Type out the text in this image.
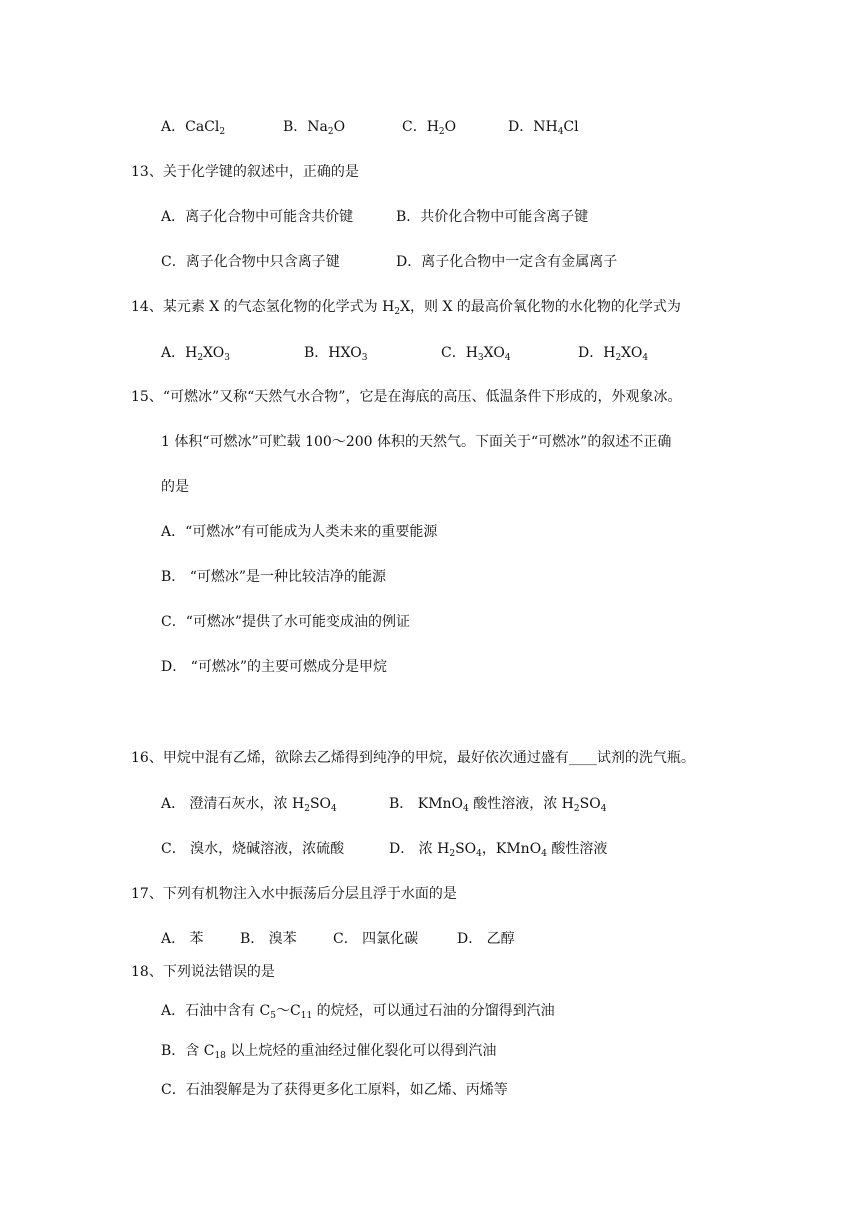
A．CaCl$_2$	B．$Na_2O$	C．$H_2O$	D．$NH_4Cl$
13、关于化学键的叙述中，正确的是
A．离子化合物中可能含共价键	B．共价化合物中可能含离子键
C．离子化合物中只含离子键	D．离子化合物中一定含有金属离子
14、某元素 X 的气态氢化物的化学式为 $H_2X$，则 X 的最高价氧化物的水化物的化学式为
A．$H_2XO_3$	B．$HXO_3$	C．$H_3XO_4$	D．$H_2XO_4$
15、“可燃冰”又称“天然气水合物”，它是在海底的高压、低温条件下形成的，外观象冰。
1 体积“可燃冰”可贮载 100～200 体积的天然气。下面关于“可燃冰”的叙述不正确
的是
A．“可燃冰”有可能成为人类未来的重要能源
B． “可燃冰”是一种比较洁净的能源
C．“可燃冰”提供了水可能变成油的例证
D． “可燃冰”的主要可燃成分是甲烷
16、甲烷中混有乙烯，欲除去乙烯得到纯净的甲烷，最好依次通过盛有____试剂的洗气瓶。
A． 澄清石灰水，浓 $H_2SO_4$	B． KMnO$_4$ 酸性溶液，浓 $H_2SO_4$
C． 溴水，烧碱溶液，浓硫酸	D． 浓 $H_2SO_4$，KMnO$_4$ 酸性溶液
17、下列有机物注入水中振荡后分层且浮于水面的是
A． 苯	B． 溴苯	C． 四氯化碳	D． 乙醇
18、下列说法错误的是
A．石油中含有 $C_5\sim C_{11}$ 的烷烃，可以通过石油的分馏得到汽油
B．含 $C_{18}$ 以上烷烃的重油经过催化裂化可以得到汽油
C．石油裂解是为了获得更多化工原料，如乙烯、丙烯等
